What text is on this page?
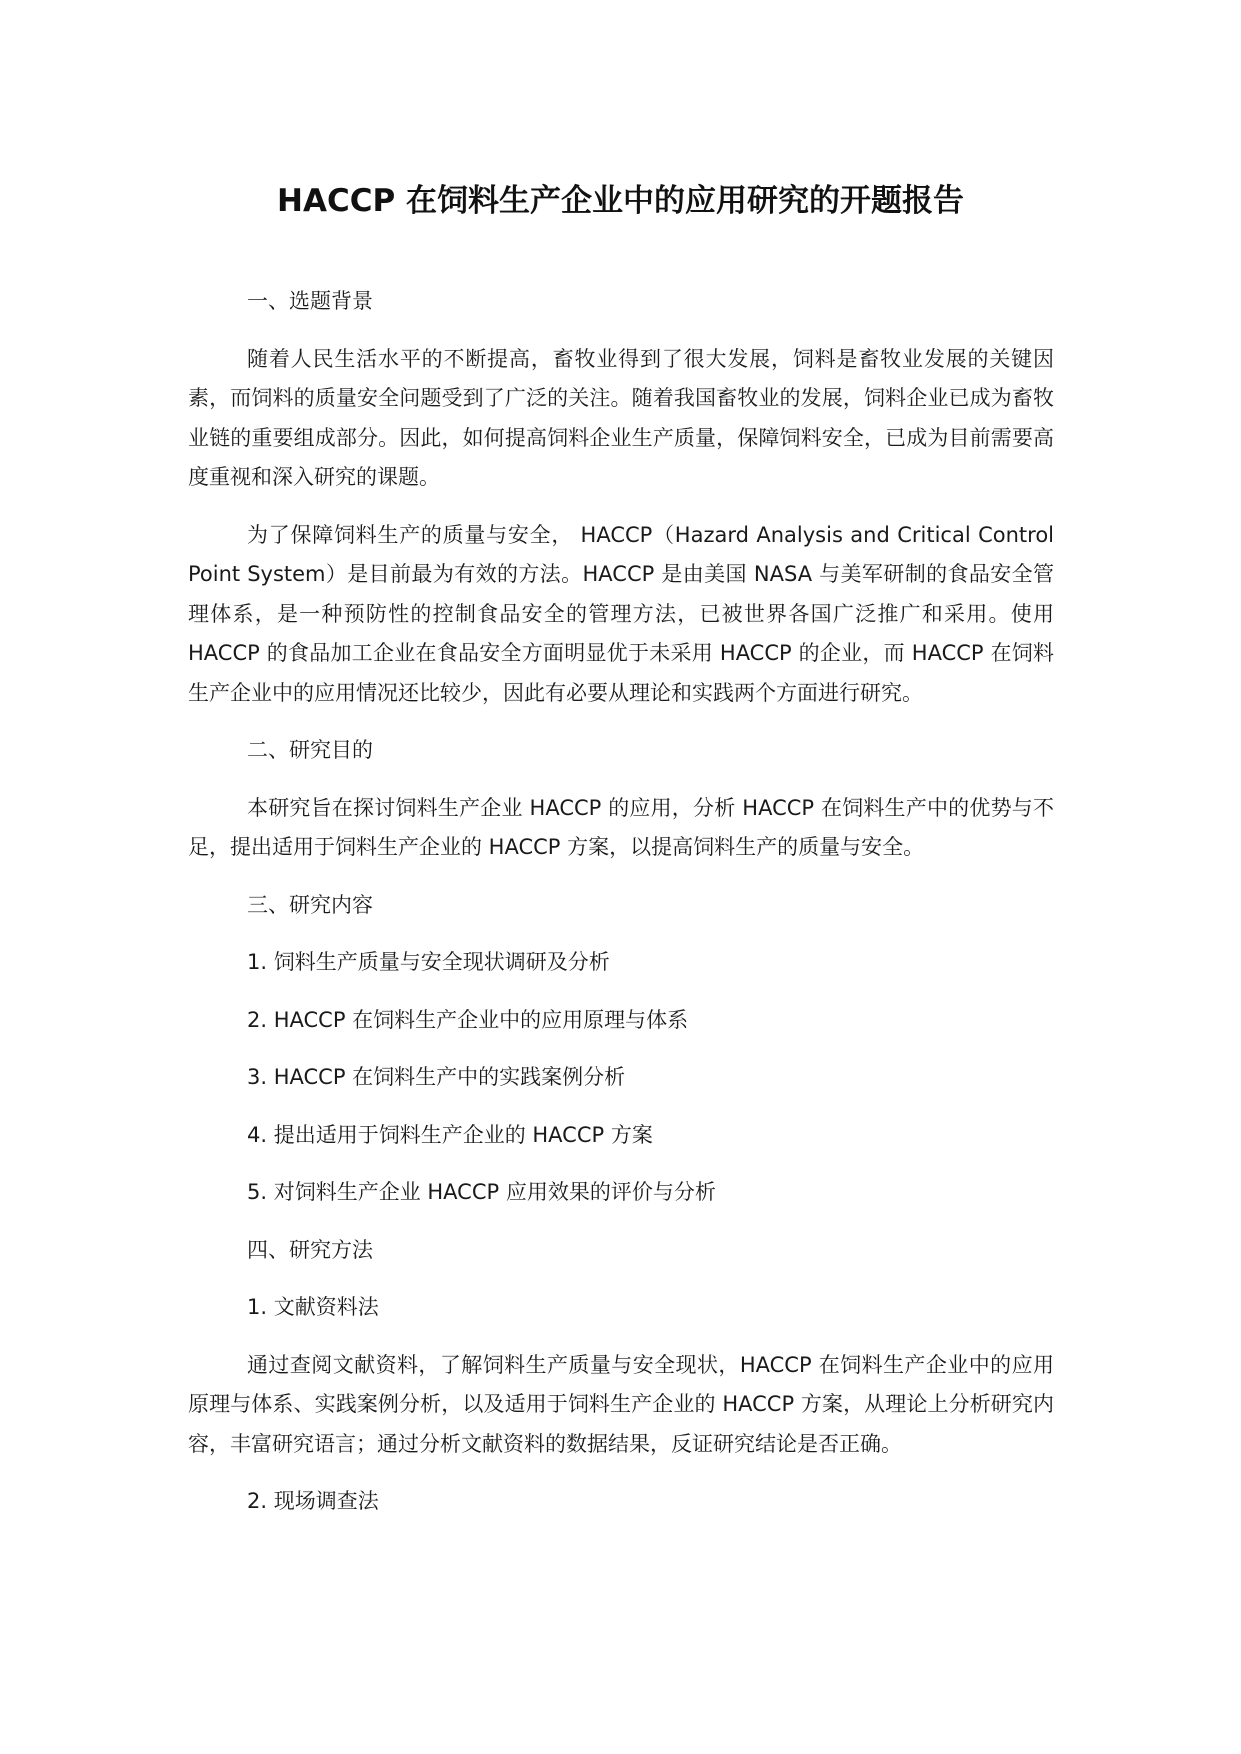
HACCP 在饲料生产企业中的应用研究的开题报告

一、选题背景

随着人民生活水平的不断提高，畜牧业得到了很大发展，饲料是畜牧业发展的关键因素，而饲料的质量安全问题受到了广泛的关注。随着我国畜牧业的发展，饲料企业已成为畜牧业链的重要组成部分。因此，如何提高饲料企业生产质量，保障饲料安全，已成为目前需要高度重视和深入研究的课题。

为了保障饲料生产的质量与安全， HACCP（Hazard Analysis and Critical Control Point System）是目前最为有效的方法。HACCP 是由美国 NASA 与美军研制的食品安全管理体系，是一种预防性的控制食品安全的管理方法，已被世界各国广泛推广和采用。使用 HACCP 的食品加工企业在食品安全方面明显优于未采用 HACCP 的企业，而 HACCP 在饲料生产企业中的应用情况还比较少，因此有必要从理论和实践两个方面进行研究。

二、研究目的

本研究旨在探讨饲料生产企业 HACCP 的应用，分析 HACCP 在饲料生产中的优势与不足，提出适用于饲料生产企业的 HACCP 方案，以提高饲料生产的质量与安全。

三、研究内容

1. 饲料生产质量与安全现状调研及分析

2. HACCP 在饲料生产企业中的应用原理与体系

3. HACCP 在饲料生产中的实践案例分析

4. 提出适用于饲料生产企业的 HACCP 方案

5. 对饲料生产企业 HACCP 应用效果的评价与分析

四、研究方法

1. 文献资料法

通过查阅文献资料，了解饲料生产质量与安全现状，HACCP 在饲料生产企业中的应用原理与体系、实践案例分析，以及适用于饲料生产企业的 HACCP 方案，从理论上分析研究内容，丰富研究语言；通过分析文献资料的数据结果，反证研究结论是否正确。

2. 现场调查法
